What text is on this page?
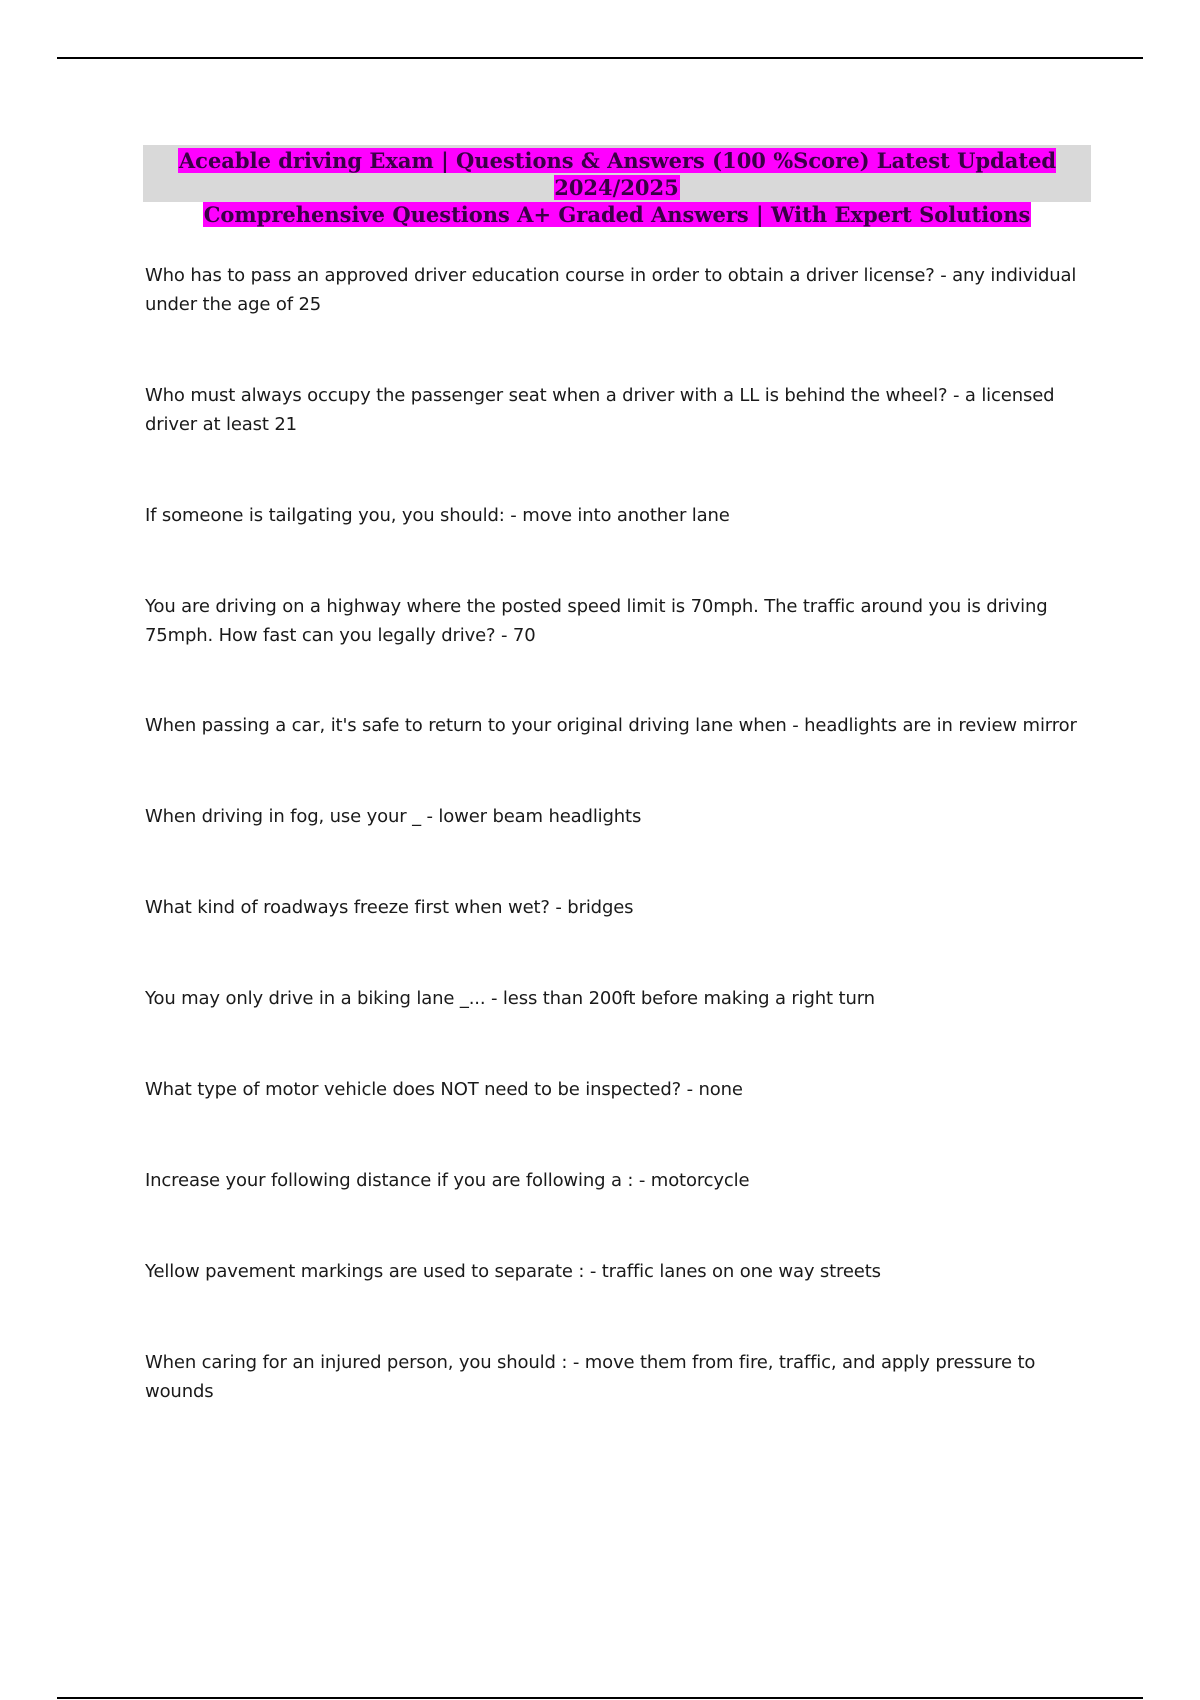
Aceable driving Exam | Questions & Answers (100 %Score) Latest Updated 2024/2025
Comprehensive Questions A+ Graded Answers | With Expert Solutions

Who has to pass an approved driver education course in order to obtain a driver license? - any individual under the age of 25

Who must always occupy the passenger seat when a driver with a LL is behind the wheel? - a licensed driver at least 21

If someone is tailgating you, you should: - move into another lane

You are driving on a highway where the posted speed limit is 70mph. The traffic around you is driving 75mph. How fast can you legally drive? - 70

When passing a car, it's safe to return to your original driving lane when - headlights are in review mirror

When driving in fog, use your _ - lower beam headlights

What kind of roadways freeze first when wet? - bridges

You may only drive in a biking lane _... - less than 200ft before making a right turn

What type of motor vehicle does NOT need to be inspected? - none

Increase your following distance if you are following a : - motorcycle

Yellow pavement markings are used to separate : - traffic lanes on one way streets

When caring for an injured person, you should : - move them from fire, traffic, and apply pressure to wounds
